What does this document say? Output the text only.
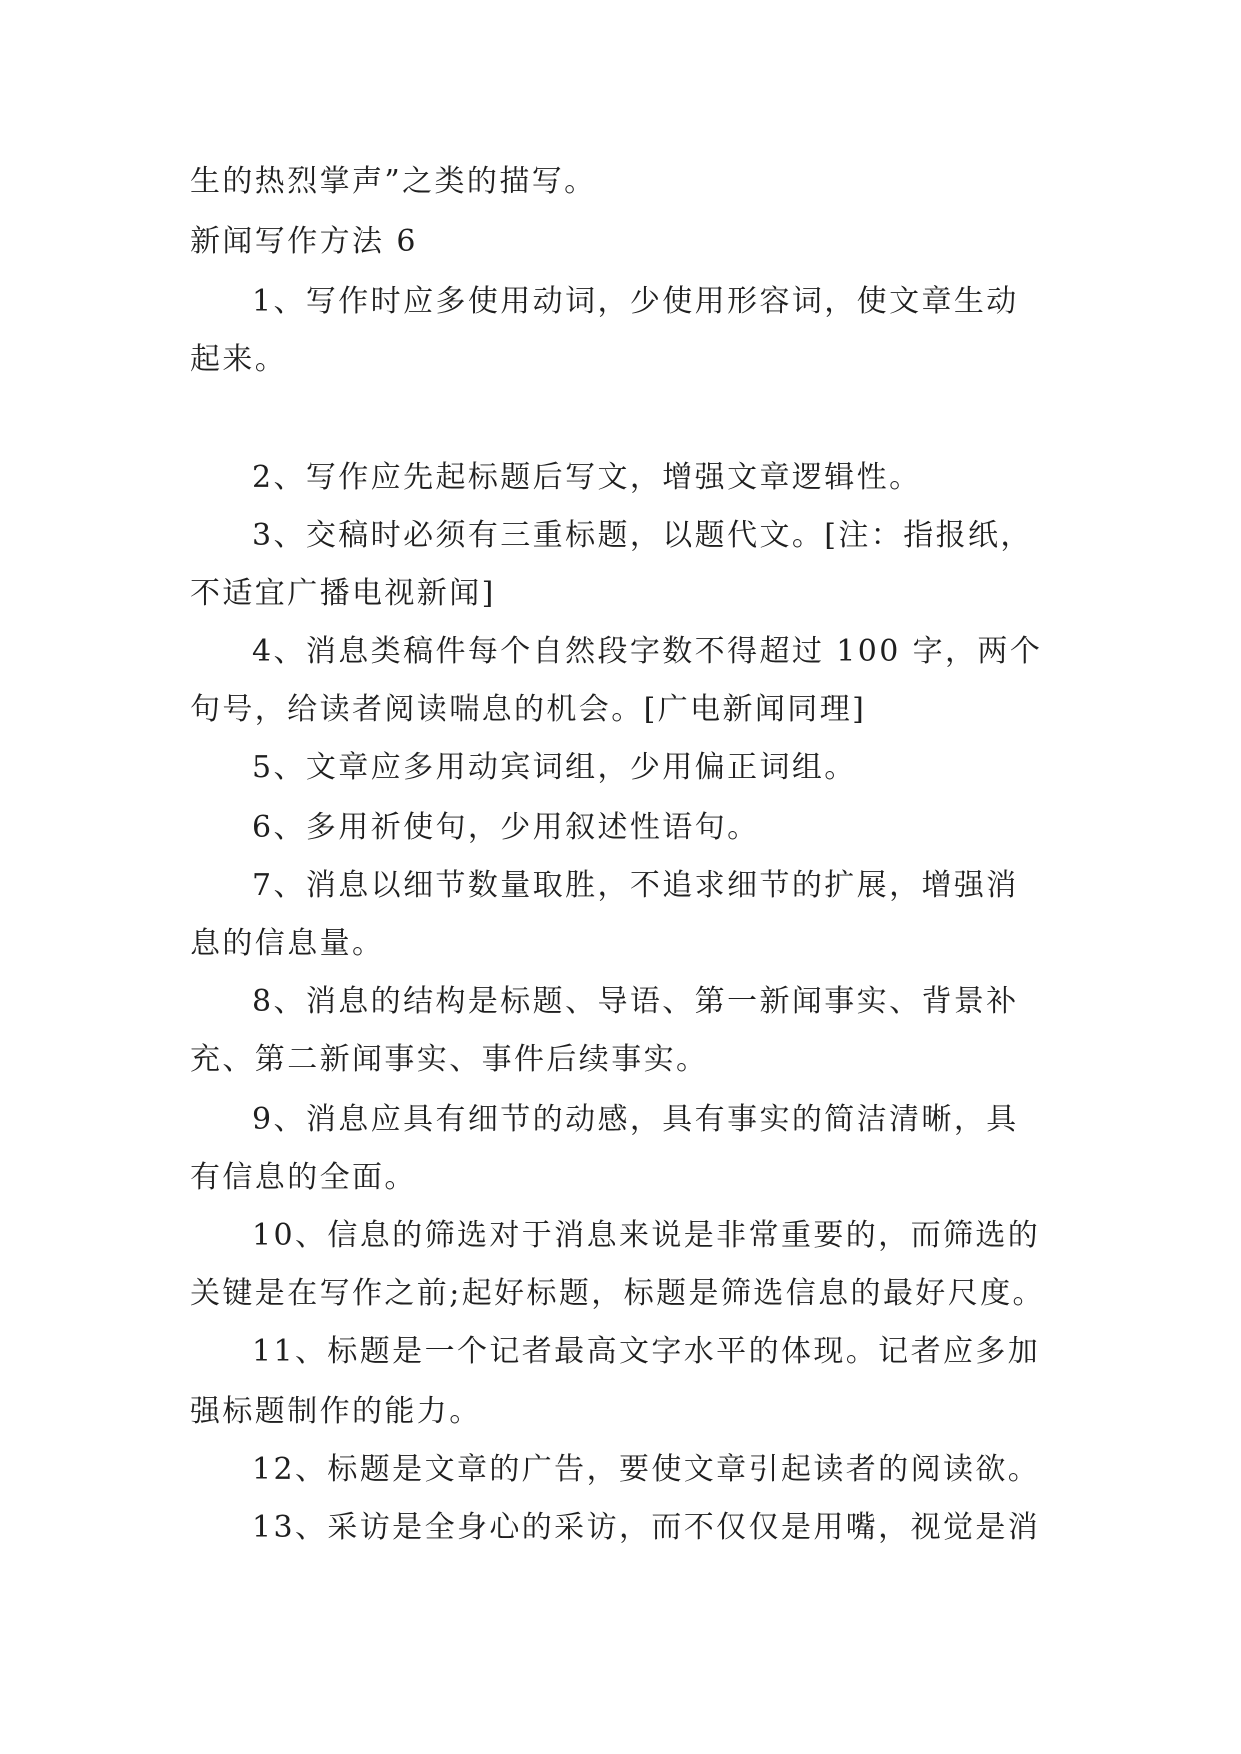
生的热烈掌声”之类的描写。
新闻写作方法 6
1、写作时应多使用动词，少使用形容词，使文章生动
起来。
2、写作应先起标题后写文，增强文章逻辑性。
3、交稿时必须有三重标题，以题代文。[注：指报纸，
不适宜广播电视新闻]
4、消息类稿件每个自然段字数不得超过 100 字，两个
句号，给读者阅读喘息的机会。[广电新闻同理]
5、文章应多用动宾词组，少用偏正词组。
6、多用祈使句，少用叙述性语句。
7、消息以细节数量取胜，不追求细节的扩展，增强消
息的信息量。
8、消息的结构是标题、导语、第一新闻事实、背景补
充、第二新闻事实、事件后续事实。
9、消息应具有细节的动感，具有事实的简洁清晰，具
有信息的全面。
10、信息的筛选对于消息来说是非常重要的，而筛选的
关键是在写作之前;起好标题，标题是筛选信息的最好尺度。
11、标题是一个记者最高文字水平的体现。记者应多加
强标题制作的能力。
12、标题是文章的广告，要使文章引起读者的阅读欲。
13、采访是全身心的采访，而不仅仅是用嘴，视觉是消
